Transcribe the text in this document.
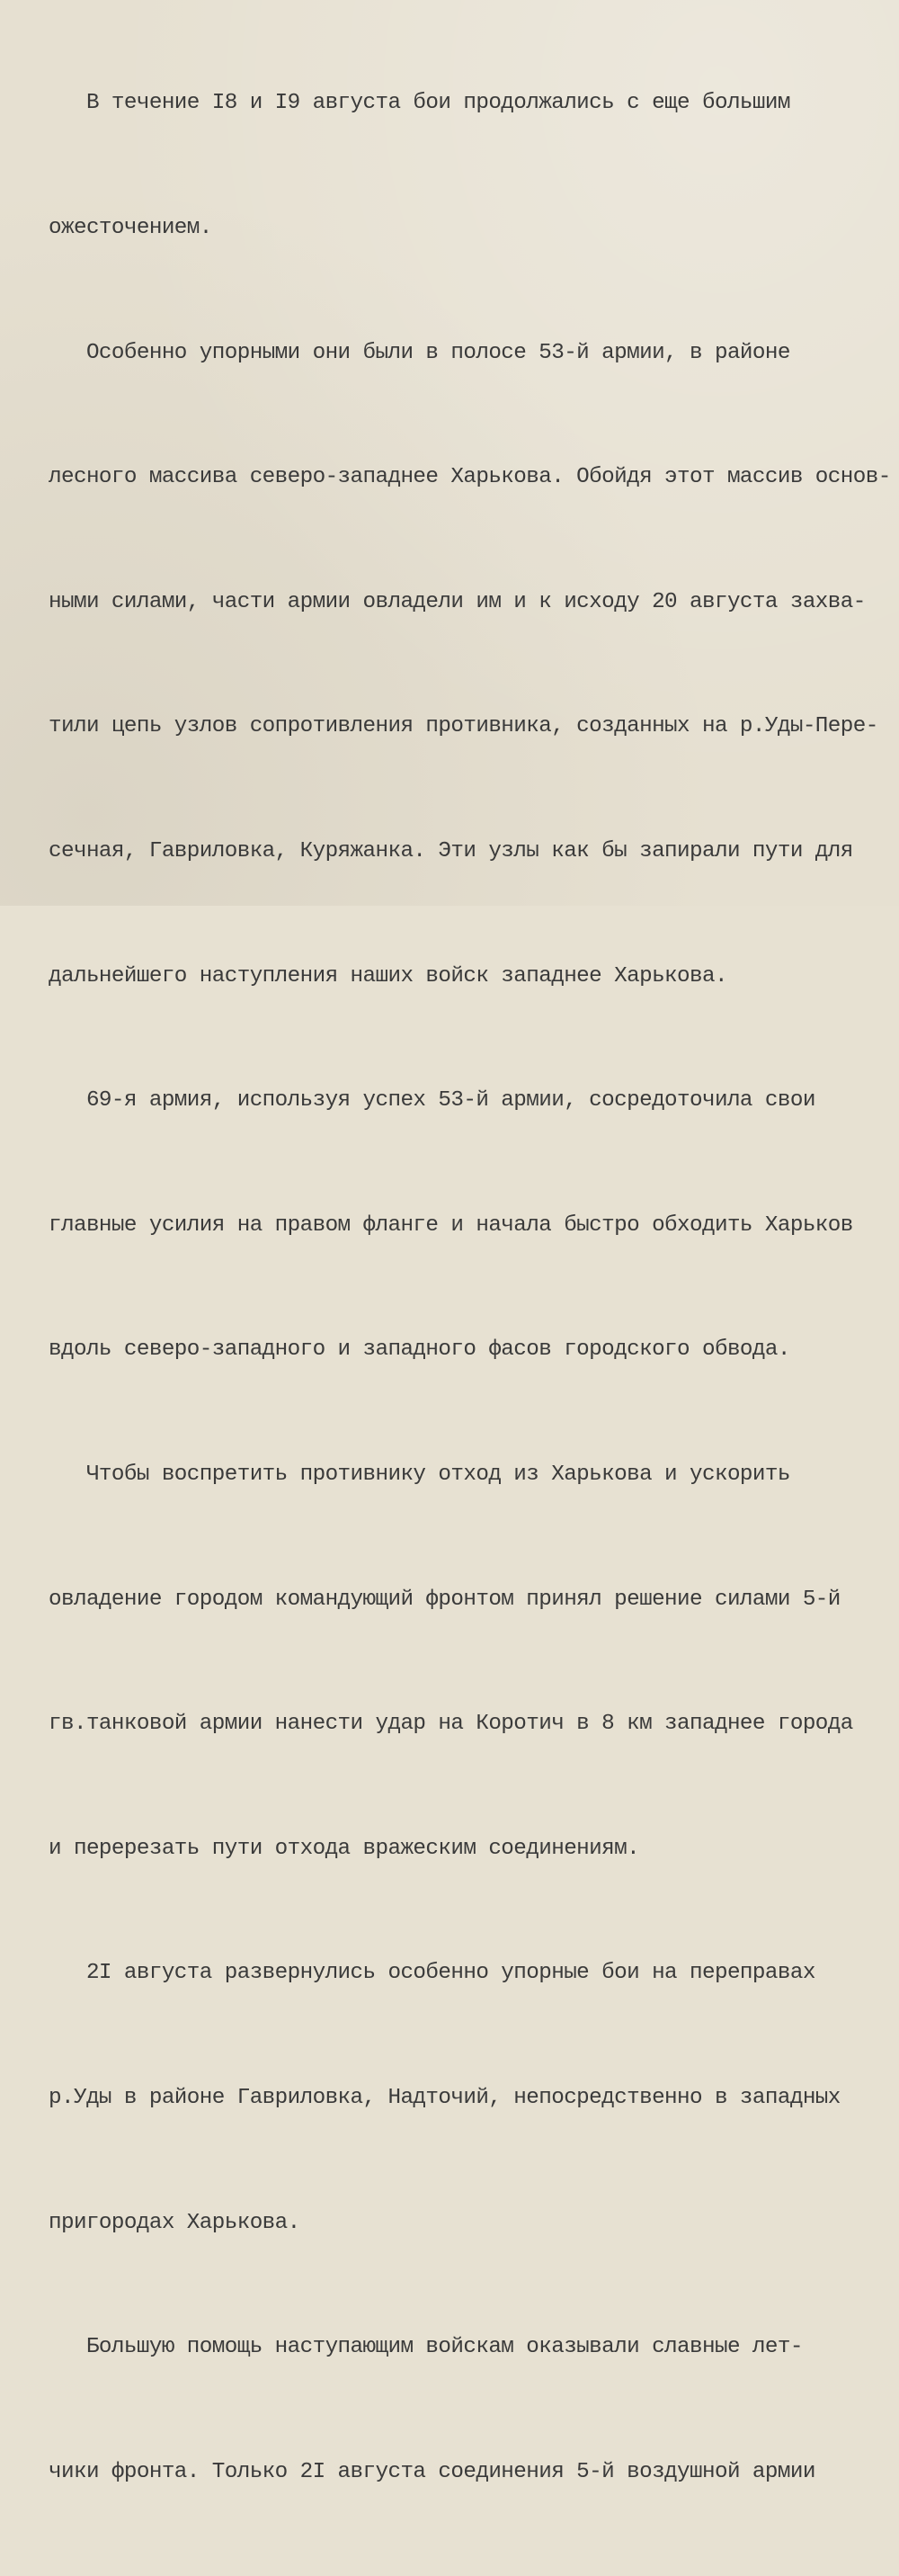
В течение I8 и I9 августа бои продолжались с еще большим

ожесточением.

Особенно упорными они были в полосе 53-й армии, в районе

лесного массива северо-западнее Харькова. Обойдя этот массив основ-

ными силами, части армии овладели им и к исходу 20 августа захва-

тили цепь узлов сопротивления противника, созданных на р.Уды-Пере-

сечная, Гавриловка, Куряжанка. Эти узлы как бы запирали пути для

дальнейшего наступления наших войск западнее Харькова.

69-я армия, используя успех 53-й армии, сосредоточила свои

главные усилия на правом фланге и начала быстро обходить Харьков

вдоль северо-западного и западного фасов городского обвода.

Чтобы воспретить противнику отход из Харькова и ускорить

овладение городом командующий фронтом принял решение силами 5-й

гв.танковой армии нанести удар на Коротич в 8 км западнее города

и перерезать пути отхода вражеским соединениям.

2I августа развернулись особенно упорные бои на переправах

р.Уды в районе Гавриловка, Надточий, непосредственно в западных

пригородах Харькова.

Большую помощь наступающим войскам оказывали славные лет-

чики фронта. Только 2I августа соединения 5-й воздушной армии
